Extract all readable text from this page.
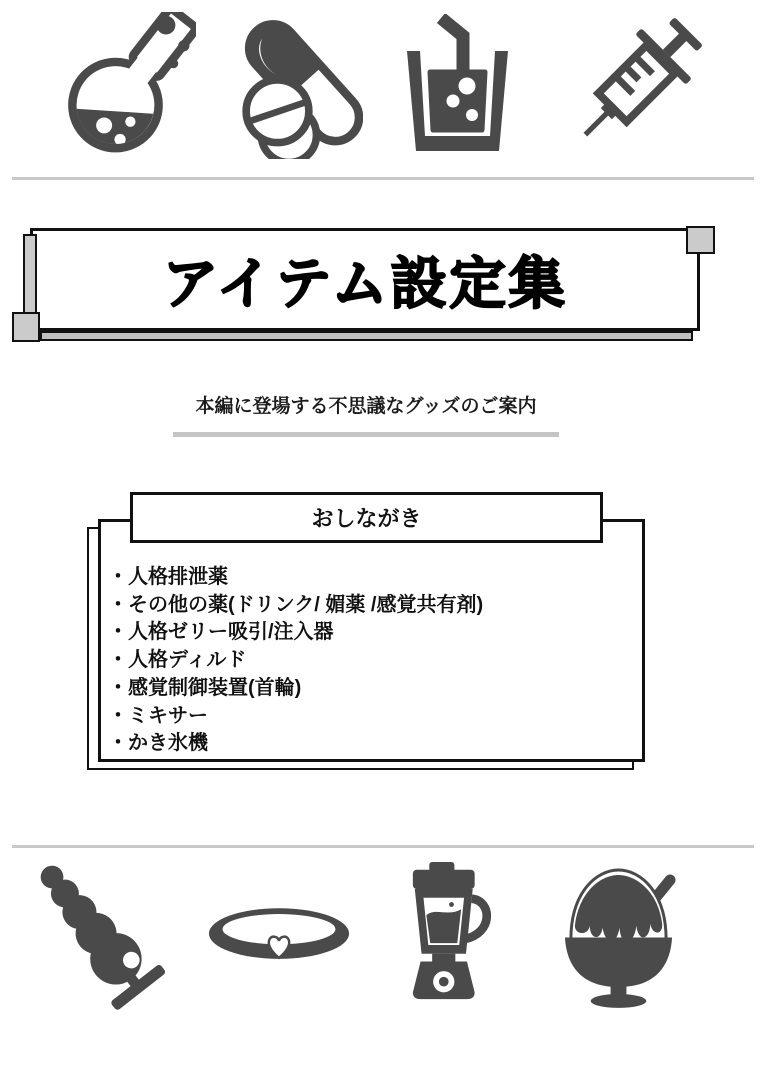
アイテム設定集
本編に登場する不思議なグッズのご案内
おしながき
・人格排泄薬
・その他の薬(ドリンク/ 媚薬 /感覚共有剤)
・人格ゼリー吸引/注入器
・人格ディルド
・感覚制御装置(首輪)
・ミキサー
・かき氷機
